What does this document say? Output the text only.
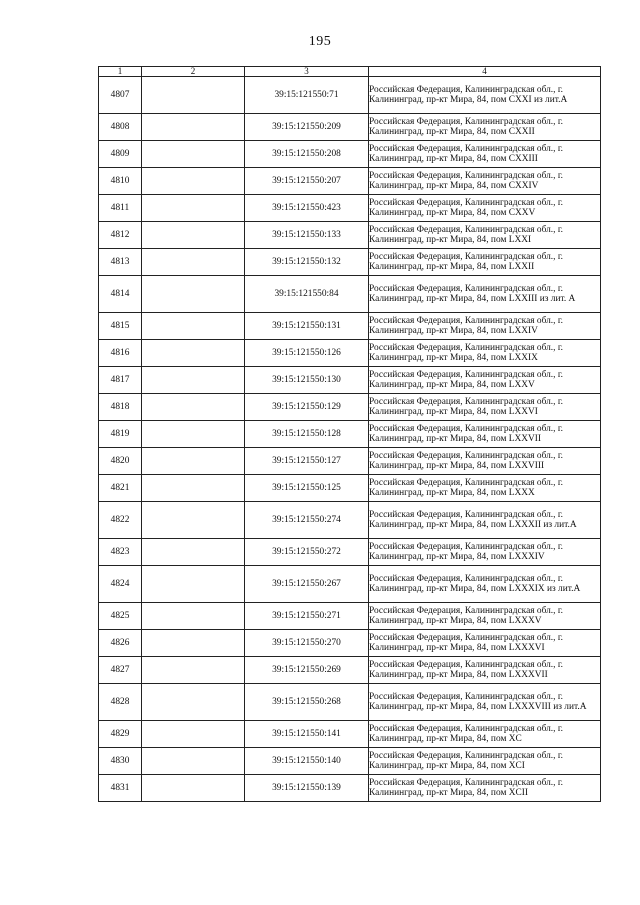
195
1	2	3	4
4807		39:15:121550:71	Российская Федерация, Калининградская обл., г. Калининград, пр-кт Мира, 84, пом CXXI из лит.А
4808		39:15:121550:209	Российская Федерация, Калининградская обл., г. Калининград, пр-кт Мира, 84, пом CXXII
4809		39:15:121550:208	Российская Федерация, Калининградская обл., г. Калининград, пр-кт Мира, 84, пом CXXIII
4810		39:15:121550:207	Российская Федерация, Калининградская обл., г. Калининград, пр-кт Мира, 84, пом CXXIV
4811		39:15:121550:423	Российская Федерация, Калининградская обл., г. Калининград, пр-кт Мира, 84, пом CXXV
4812		39:15:121550:133	Российская Федерация, Калининградская обл., г. Калининград, пр-кт Мира, 84, пом LXXI
4813		39:15:121550:132	Российская Федерация, Калининградская обл., г. Калининград, пр-кт Мира, 84, пом LXXII
4814		39:15:121550:84	Российская Федерация, Калининградская обл., г. Калининград, пр-кт Мира, 84, пом LXXIII из лит. А
4815		39:15:121550:131	Российская Федерация, Калининградская обл., г. Калининград, пр-кт Мира, 84, пом LXXIV
4816		39:15:121550:126	Российская Федерация, Калининградская обл., г. Калининград, пр-кт Мира, 84, пом LXXIX
4817		39:15:121550:130	Российская Федерация, Калининградская обл., г. Калининград, пр-кт Мира, 84, пом LXXV
4818		39:15:121550:129	Российская Федерация, Калининградская обл., г. Калининград, пр-кт Мира, 84, пом LXXVI
4819		39:15:121550:128	Российская Федерация, Калининградская обл., г. Калининград, пр-кт Мира, 84, пом LXXVII
4820		39:15:121550:127	Российская Федерация, Калининградская обл., г. Калининград, пр-кт Мира, 84, пом LXXVIII
4821		39:15:121550:125	Российская Федерация, Калининградская обл., г. Калининград, пр-кт Мира, 84, пом LXXX
4822		39:15:121550:274	Российская Федерация, Калининградская обл., г. Калининград, пр-кт Мира, 84, пом LXXXII из лит.А
4823		39:15:121550:272	Российская Федерация, Калининградская обл., г. Калининград, пр-кт Мира, 84, пом LXXXIV
4824		39:15:121550:267	Российская Федерация, Калининградская обл., г. Калининград, пр-кт Мира, 84, пом LXXXIX из лит.А
4825		39:15:121550:271	Российская Федерация, Калининградская обл., г. Калининград, пр-кт Мира, 84, пом LXXXV
4826		39:15:121550:270	Российская Федерация, Калининградская обл., г. Калининград, пр-кт Мира, 84, пом LXXXVI
4827		39:15:121550:269	Российская Федерация, Калининградская обл., г. Калининград, пр-кт Мира, 84, пом LXXXVII
4828		39:15:121550:268	Российская Федерация, Калининградская обл., г. Калининград, пр-кт Мира, 84, пом LXXXVIII из лит.А
4829		39:15:121550:141	Российская Федерация, Калининградская обл., г. Калининград, пр-кт Мира, 84, пом XC
4830		39:15:121550:140	Российская Федерация, Калининградская обл., г. Калининград, пр-кт Мира, 84, пом XCI
4831		39:15:121550:139	Российская Федерация, Калининградская обл., г. Калининград, пр-кт Мира, 84, пом XCII
